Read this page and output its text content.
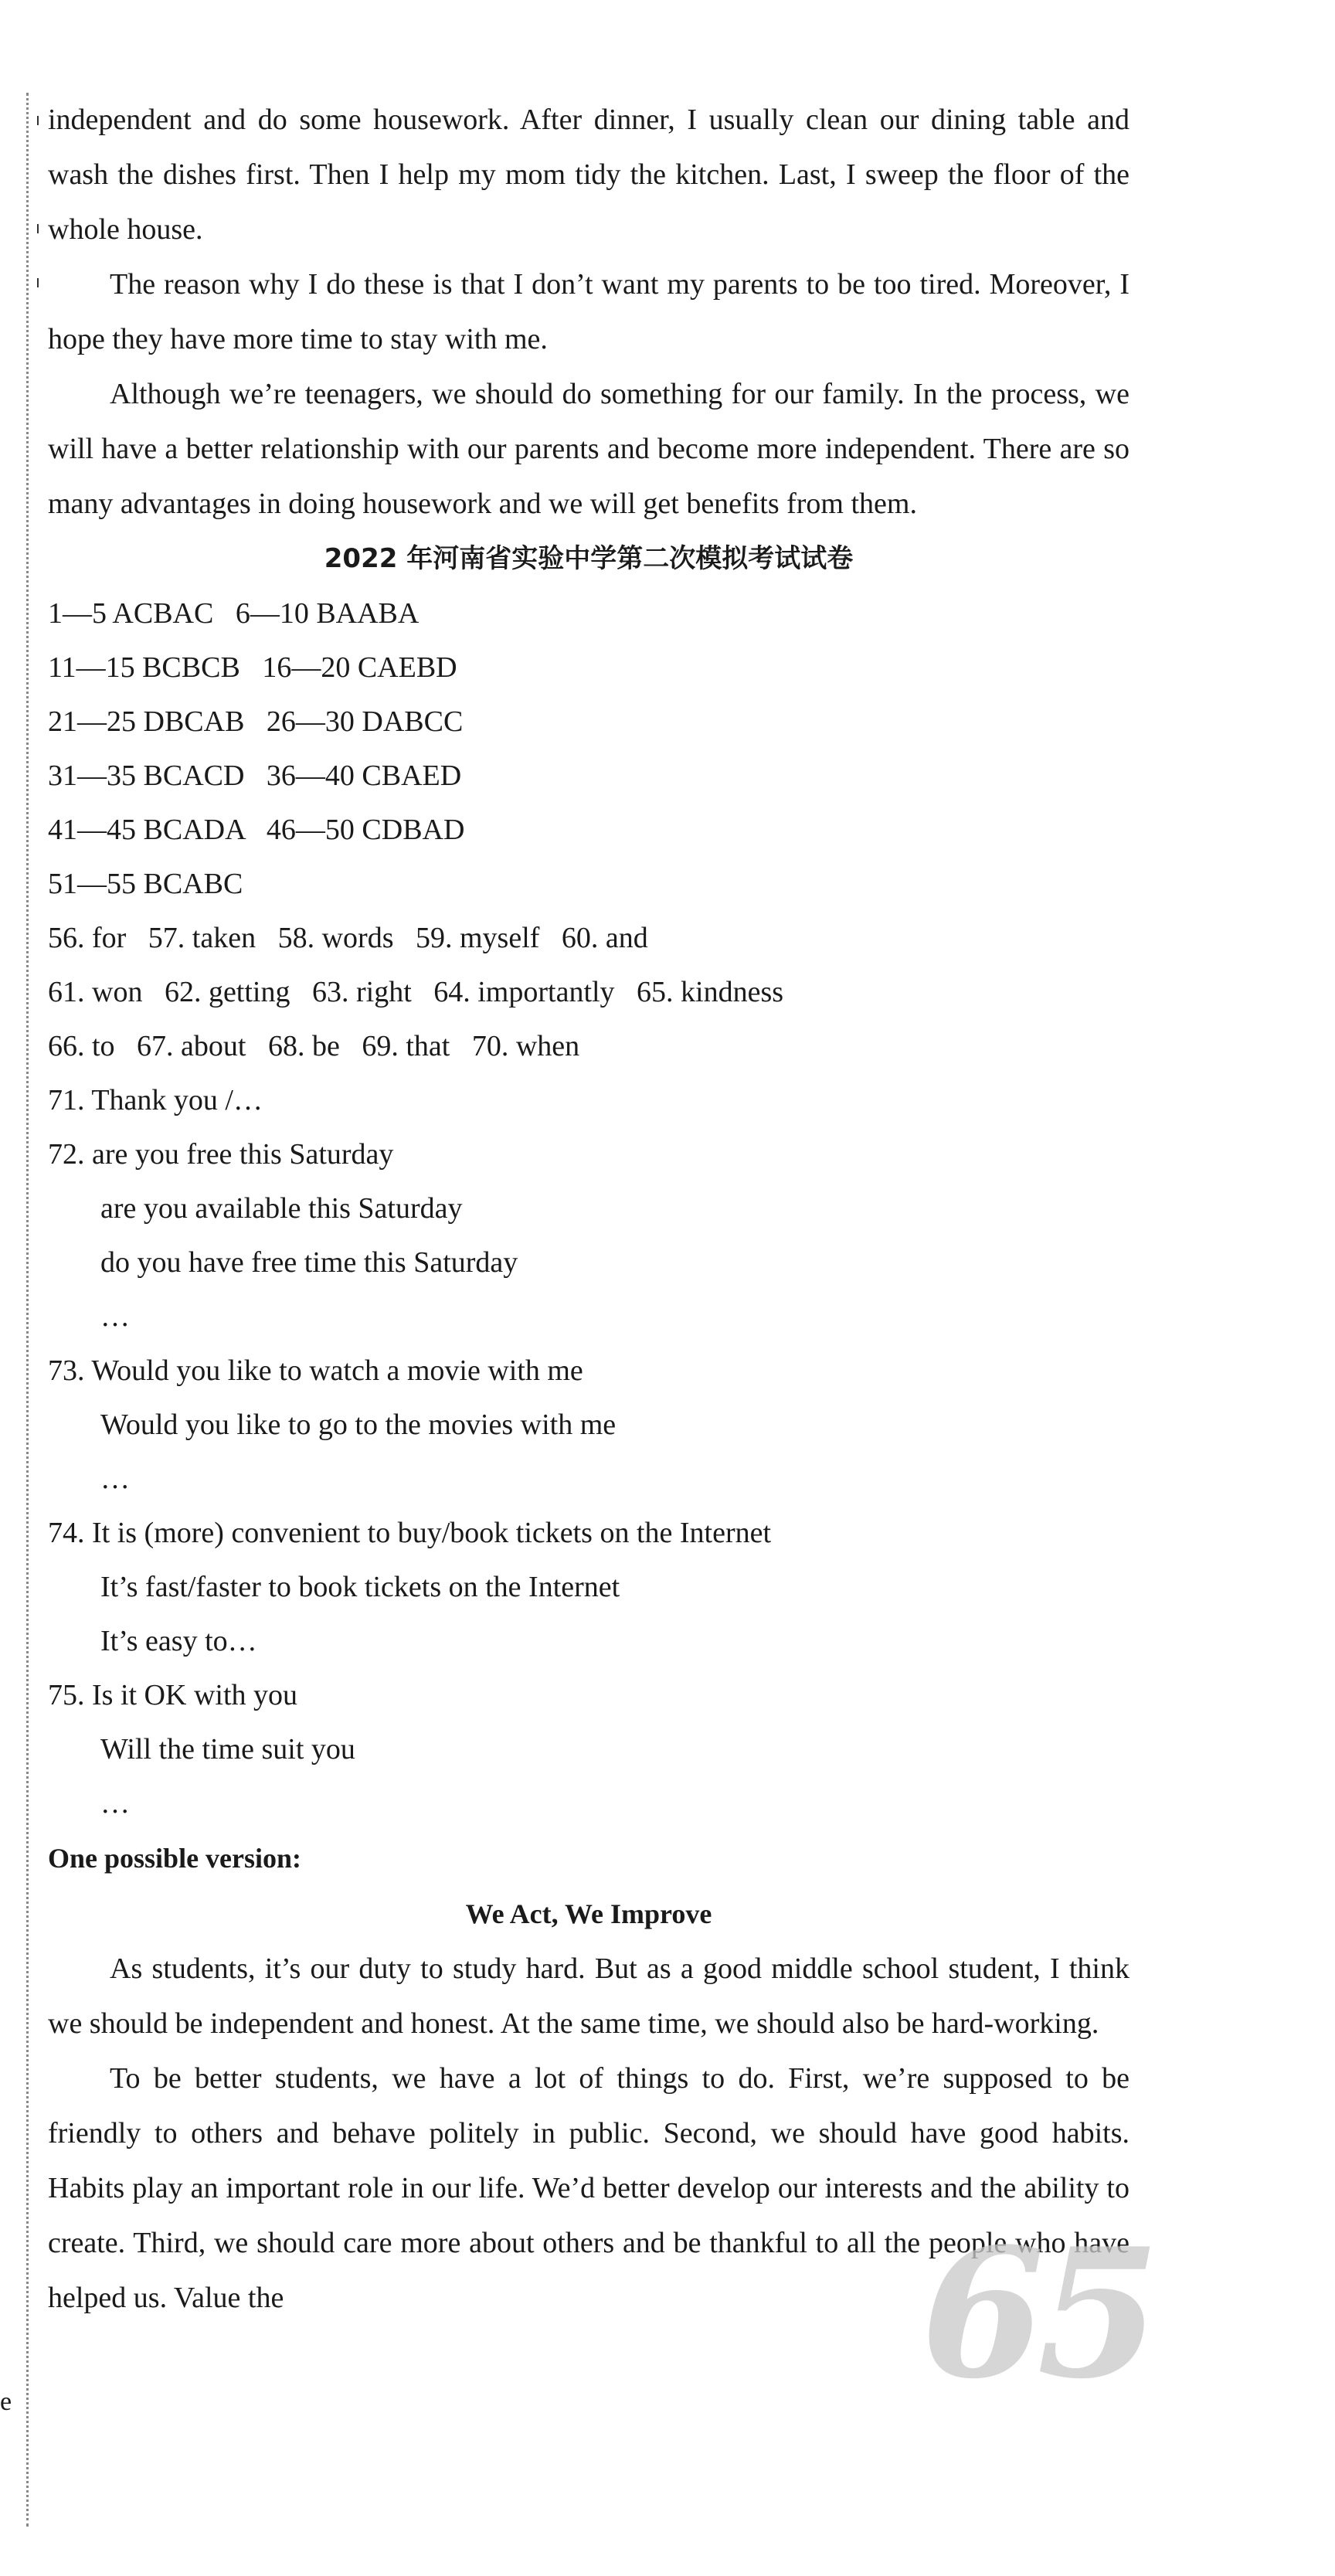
e

independent and do some housework. After dinner, I usually clean our dining table and wash the dishes first. Then I help my mom tidy the kitchen. Last, I sweep the floor of the whole house.

The reason why I do these is that I don’t want my parents to be too tired. Moreover, I hope they have more time to stay with me.

Although we’re teenagers, we should do something for our family. In the process, we will have a better relationship with our parents and become more independent. There are so many advantages in doing housework and we will get benefits from them.

2022 年河南省实验中学第二次模拟考试试卷

1—5 ACBAC   6—10 BAABA

11—15 BCBCB   16—20 CAEBD

21—25 DBCAB   26—30 DABCC

31—35 BCACD   36—40 CBAED

41—45 BCADA   46—50 CDBAD

51—55 BCABC

56. for   57. taken   58. words   59. myself   60. and

61. won   62. getting   63. right   64. importantly   65. kindness

66. to   67. about   68. be   69. that   70. when

71. Thank you /…

72. are you free this Saturday

are you available this Saturday

do you have free time this Saturday

…

73. Would you like to watch a movie with me

Would you like to go to the movies with me

…

74. It is (more) convenient to buy/book tickets on the Internet

It’s fast/faster to book tickets on the Internet

It’s easy to…

75. Is it OK with you

Will the time suit you

…

One possible version:

We Act, We Improve

As students, it’s our duty to study hard. But as a good middle school student, I think we should be independent and honest. At the same time, we should also be hard-working.

To be better students, we have a lot of things to do. First, we’re supposed to be friendly to others and behave politely in public. Second, we should have good habits. Habits play an important role in our life. We’d better develop our interests and the ability to create. Third, we should care more about others and be thankful to all the people who have helped us. Value the	65
